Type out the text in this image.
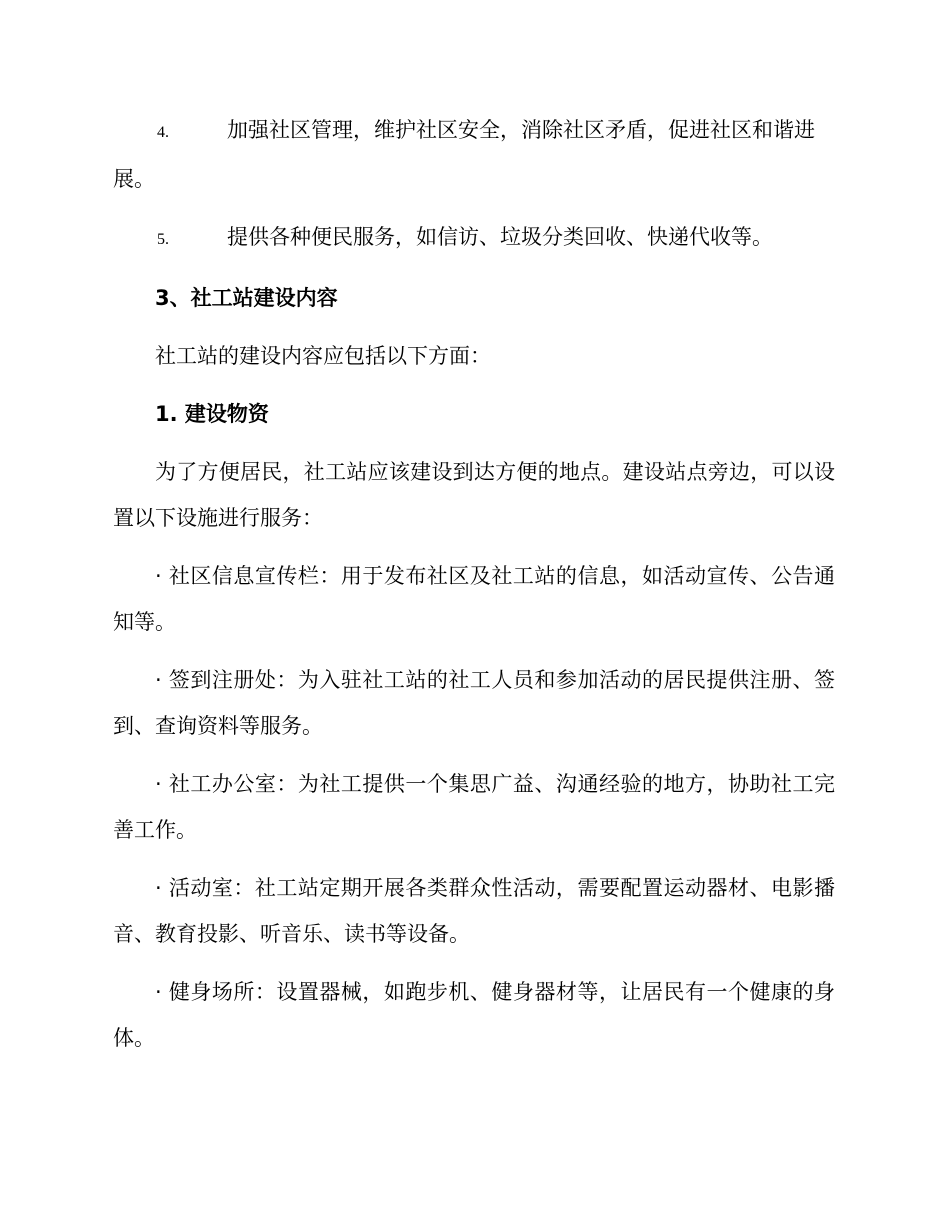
4.	加强社区管理，维护社区安全，消除社区矛盾，促进社区和谐进展。

5.	提供各种便民服务，如信访、垃圾分类回收、快递代收等。

3、社工站建设内容

社工站的建设内容应包括以下方面：

1. 建设物资

为了方便居民，社工站应该建设到达方便的地点。建设站点旁边，可以设置以下设施进行服务：

· 社区信息宣传栏：用于发布社区及社工站的信息，如活动宣传、公告通知等。

· 签到注册处：为入驻社工站的社工人员和参加活动的居民提供注册、签到、查询资料等服务。

· 社工办公室：为社工提供一个集思广益、沟通经验的地方，协助社工完善工作。

· 活动室：社工站定期开展各类群众性活动，需要配置运动器材、电影播音、教育投影、听音乐、读书等设备。

· 健身场所：设置器械，如跑步机、健身器材等，让居民有一个健康的身体。
